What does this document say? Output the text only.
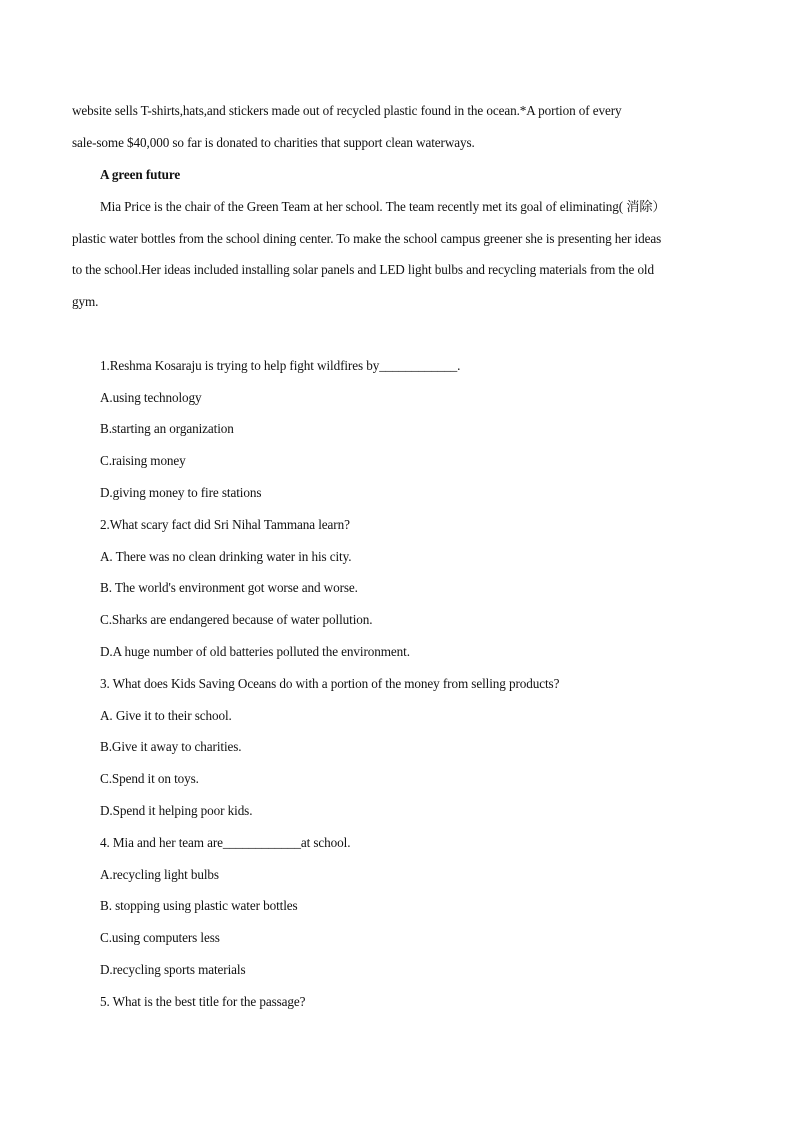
website sells T-shirts,hats,and stickers made out of recycled plastic found in the ocean.*A portion of every
sale-some $40,000 so far is donated to charities that support clean waterways.
A green future
Mia Price is the chair of the Green Team at her school. The team recently met its goal of eliminating( 消除）
plastic water bottles from the school dining center. To make the school campus greener she is presenting her ideas
to the school.Her ideas included installing solar panels and LED light bulbs and recycling materials from the old
gym.
1.Reshma Kosaraju is trying to help fight wildfires by____________.
A.using technology
B.starting an organization
C.raising money
D.giving money to fire stations
2.What scary fact did Sri Nihal Tammana learn?
A. There was no clean drinking water in his city.
B. The world's environment got worse and worse.
C.Sharks are endangered because of water pollution.
D.A huge number of old batteries polluted the environment.
3. What does Kids Saving Oceans do with a portion of the money from selling products?
A. Give it to their school.
B.Give it away to charities.
C.Spend it on toys.
D.Spend it helping poor kids.
4. Mia and her team are____________at school.
A.recycling light bulbs
B. stopping using plastic water bottles
C.using computers less
D.recycling sports materials
5. What is the best title for the passage?
